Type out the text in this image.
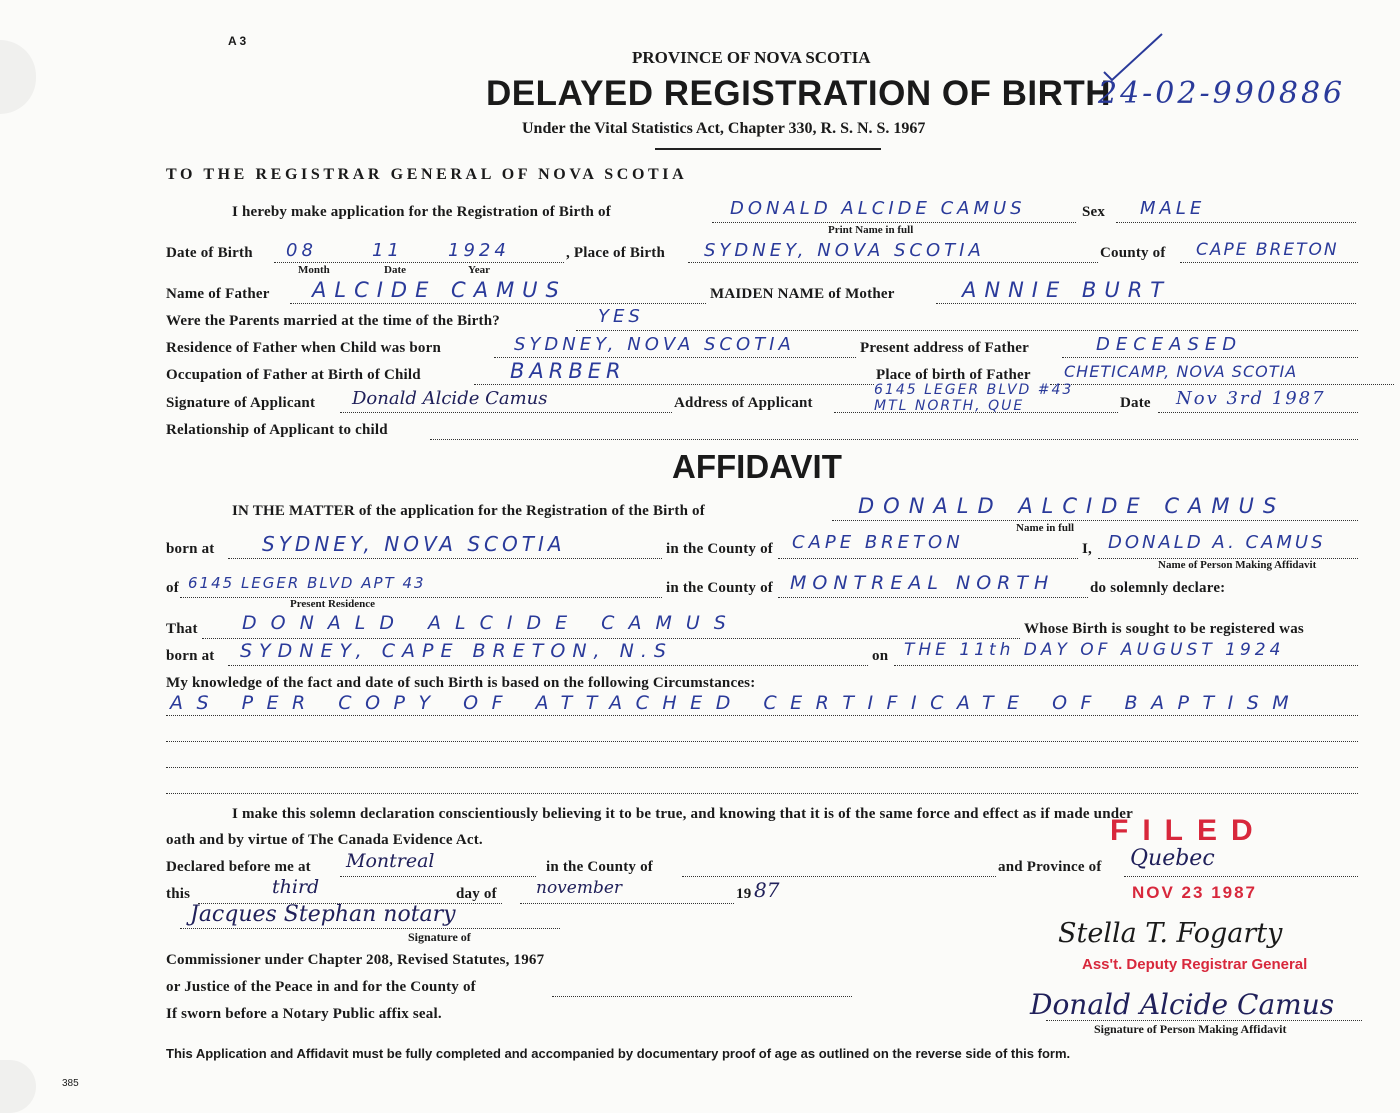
A 3
PROVINCE OF NOVA SCOTIA
DELAYED REGISTRATION OF BIRTH
24-02-990886
Under the Vital Statistics Act, Chapter 330, R. S. N. S. 1967
TO THE REGISTRAR GENERAL OF NOVA SCOTIA
I hereby make application for the Registration of Birth of	DONALD ALCIDE CAMUS	Sex MALE
Print Name in full
Date of Birth 08	11	1924
Month	Date	Year
, Place of Birth SYDNEY, NOVA SCOTIA	County of CAPE BRETON
Name of Father ALCIDE CAMUS	MAIDEN NAME of Mother	ANNIE BURT
Were the Parents married at the time of the Birth?	YES
Residence of Father when Child was born	SYDNEY, NOVA SCOTIA	Present address of Father	DECEASED
Occupation of Father at Birth of Child	BARBER	Place of birth of Father CHETICAMP, NOVA SCOTIA
Signature of Applicant Donald Alcide Camus	Address of Applicant
6145 LEGER BLVD #43
MTL NORTH, QUE	Date Nov 3rd 1987
Relationship of Applicant to child
AFFIDAVIT
IN THE MATTER of the application for the Registration of the Birth of	DONALD ALCIDE CAMUS
Name in full
born at SYDNEY, NOVA SCOTIA	in the County of CAPE BRETON	I, DONALD A. CAMUS
Name of Person Making Affidavit
of 6145 LEGER BLVD APT 43
Present Residence
in the County of MONTREAL NORTH do solemnly declare:
That DONALD ALCIDE CAMUS	Whose Birth is sought to be registered was
born at SYDNEY, CAPE BRETON, N.S	on THE 11th DAY OF AUGUST 1924
My knowledge of the fact and date of such Birth is based on the following Circumstances:
AS PER COPY OF ATTACHED CERTIFICATE OF BAPTISM
I make this solemn declaration conscientiously believing it to be true, and knowing that it is of the same force and effect as if made under
oath and by virtue of The Canada Evidence Act.
Declared before me at Montreal	in the County of	and Province of Quebec
this	third	day of november	19 87
Jacques Stephan notary
Signature of
Commissioner under Chapter 208, Revised Statutes, 1967
or Justice of the Peace in and for the County of
If sworn before a Notary Public affix seal.
FILED
NOV 23 1987
Stella T. Fogarty
Ass't. Deputy Registrar General
Donald Alcide Camus
Signature of Person Making Affidavit
This Application and Affidavit must be fully completed and accompanied by documentary proof of age as outlined on the reverse side of this form.
385
